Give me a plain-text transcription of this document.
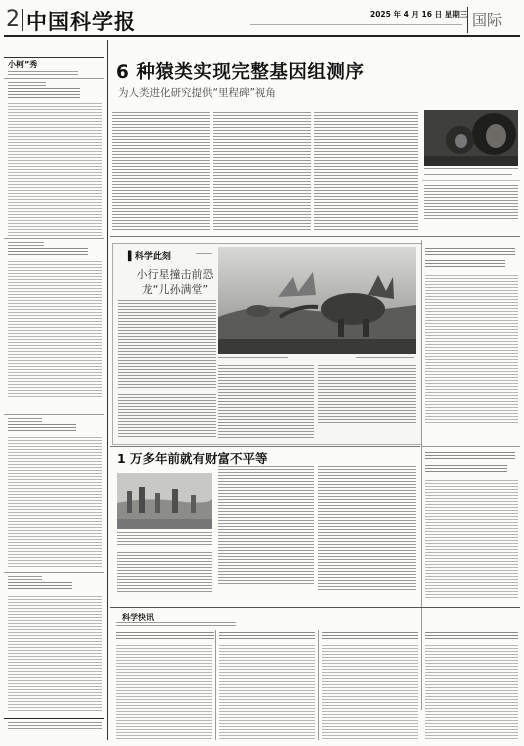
2 中国科学报	2025 年 4 月 16 日 星期三 国际
小柯”秀	6 种猿类实现完整基因组测序
为人类进化研究提供“里程碑”视角
▌科学此刻
小行星撞击前恐龙“儿孙满堂”
1 万多年前就有财富不平等
科学快讯
